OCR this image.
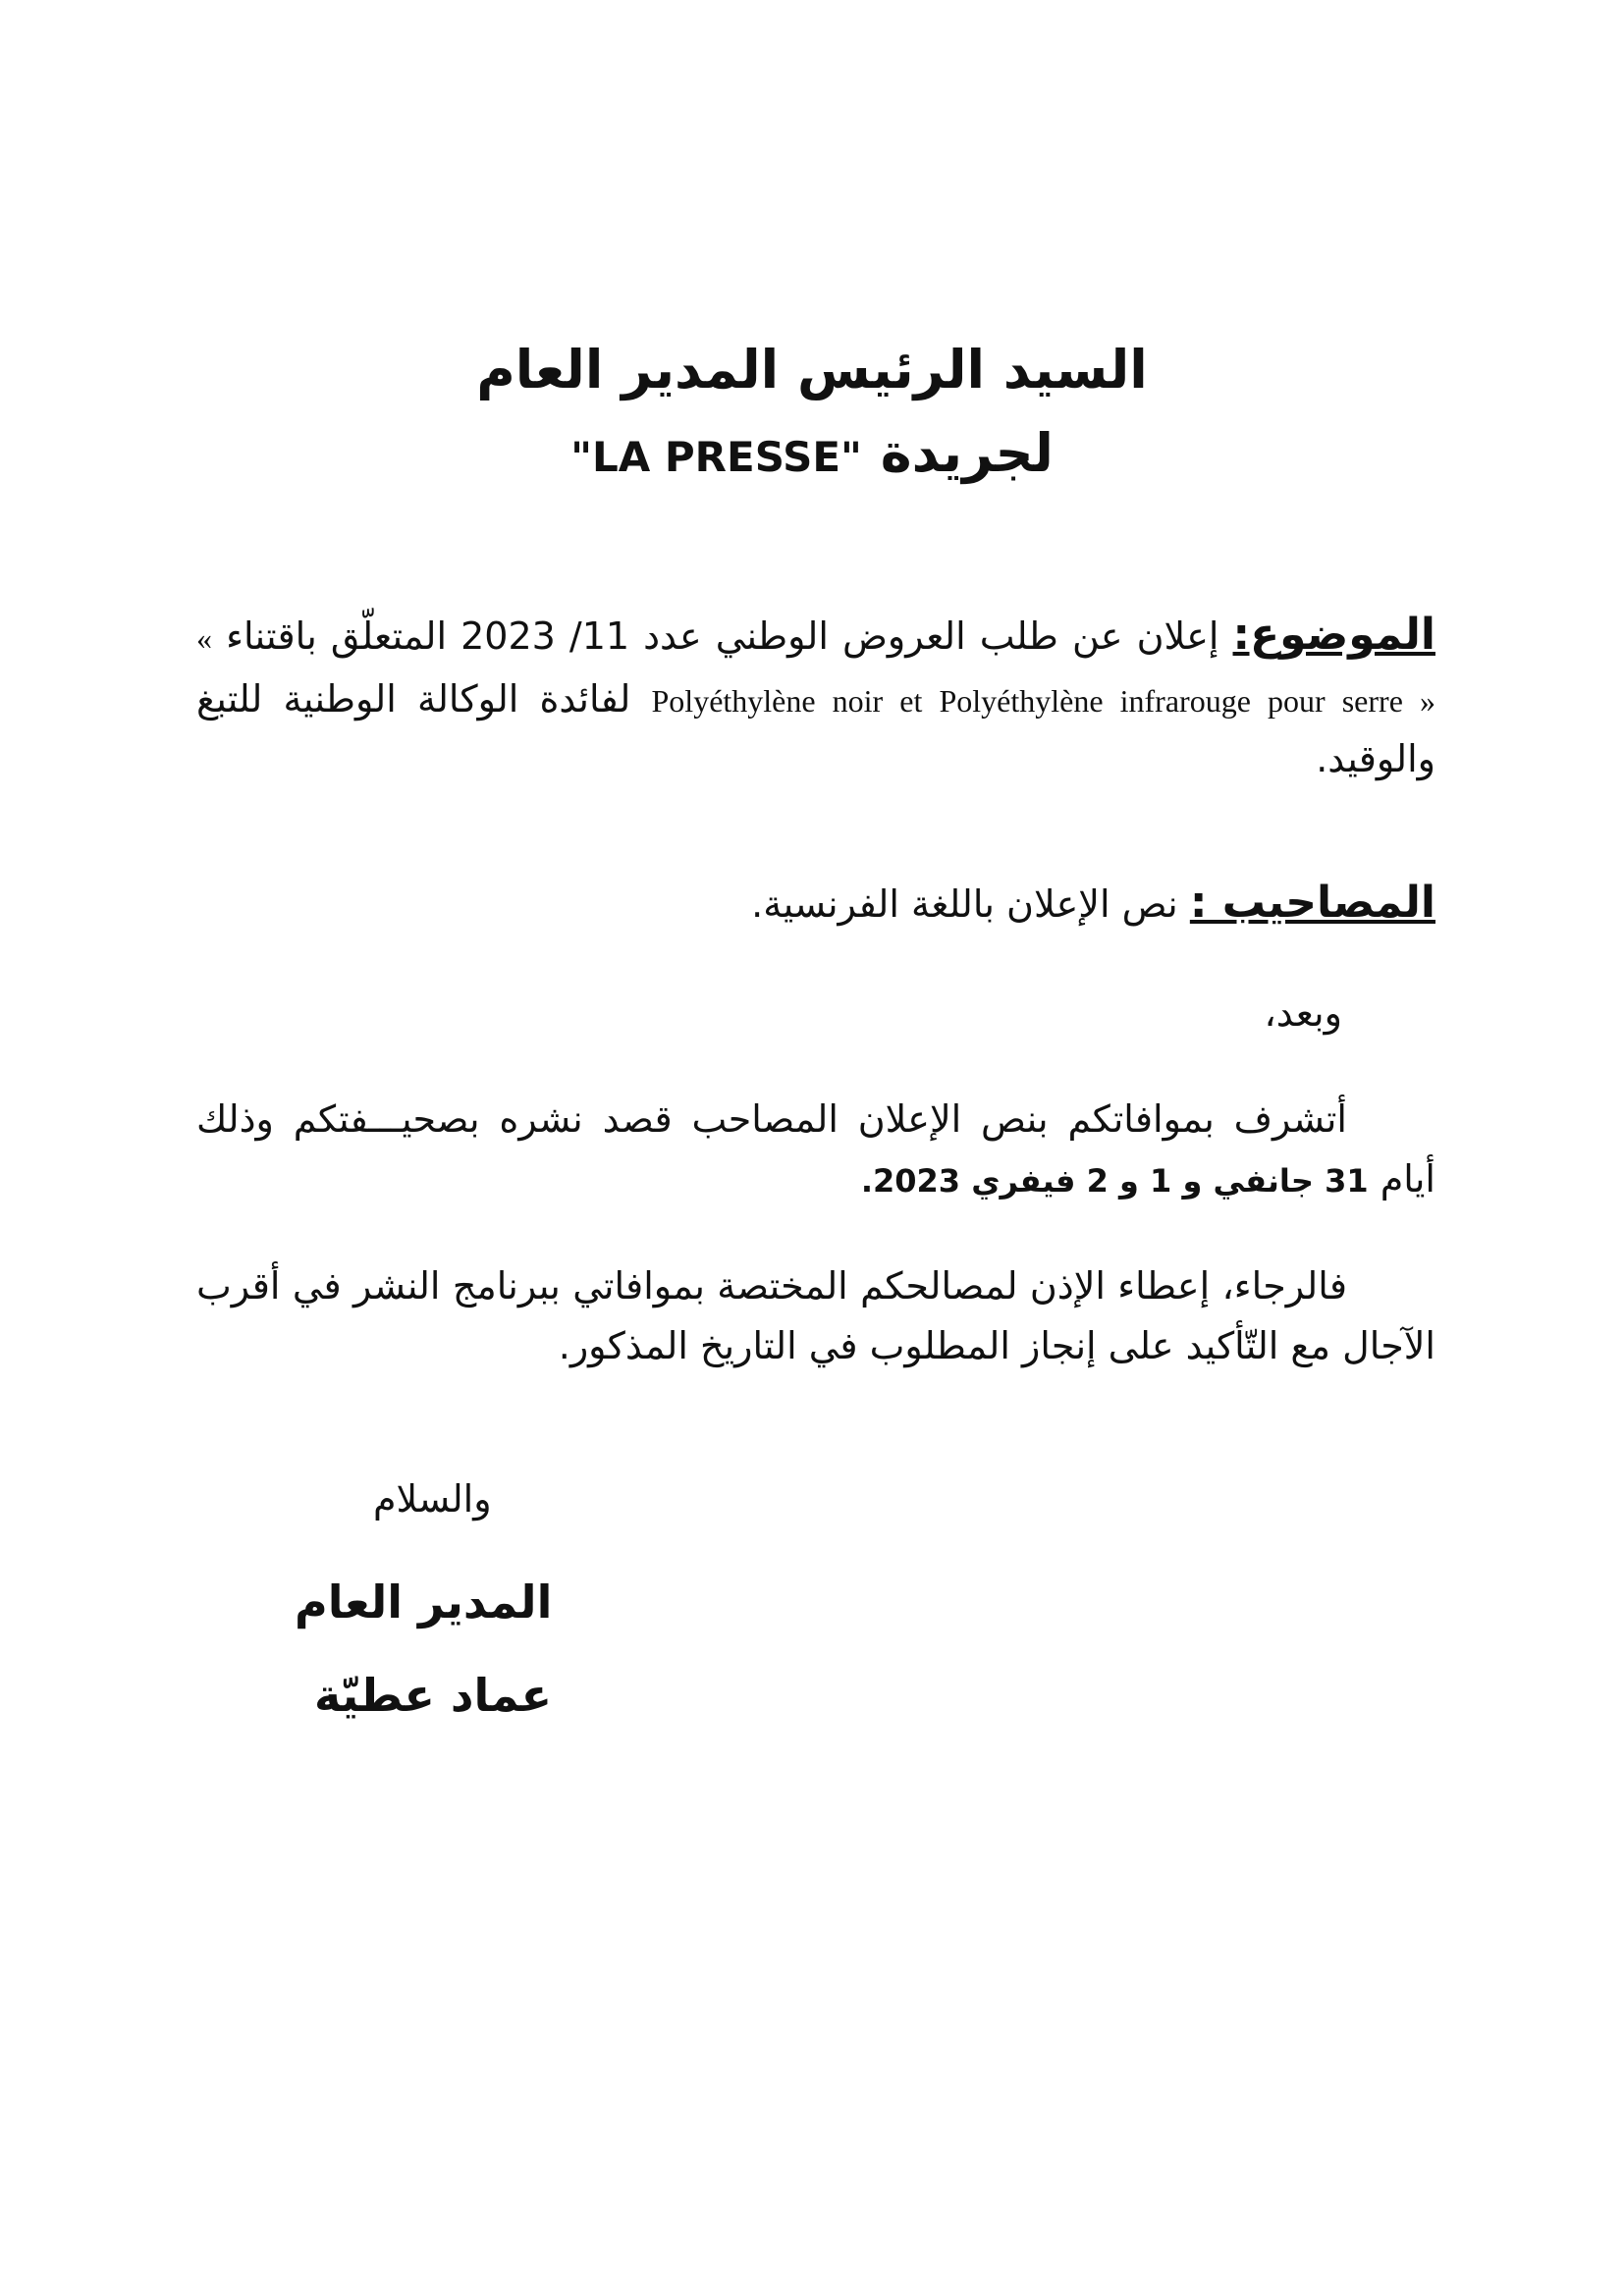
السيد الرئيس المدير العام
لجريدة "LA PRESSE"
الموضوع: إعلان عن طلب العروض الوطني عدد 11/ 2023 المتعلّق باقتناء « Polyéthylène noir et Polyéthylène infrarouge pour serre » لفائدة الوكالة الوطنية للتبغ والوقيد.
المصاحيب : نص الإعلان باللغة الفرنسية.
وبعد،
أتشرف بموافاتكم بنص الإعلان المصاحب قصد نشره بصحيـــفتكم وذلك أيام 31 جانفي و 1 و 2 فيفري 2023.
فالرجاء، إعطاء الإذن لمصالحكم المختصة بموافاتي ببرنامج النشر في أقرب الآجال مع التّأكيد على إنجاز المطلوب في التاريخ المذكور.
والسلام
المدير العام
عماد عطيّة
